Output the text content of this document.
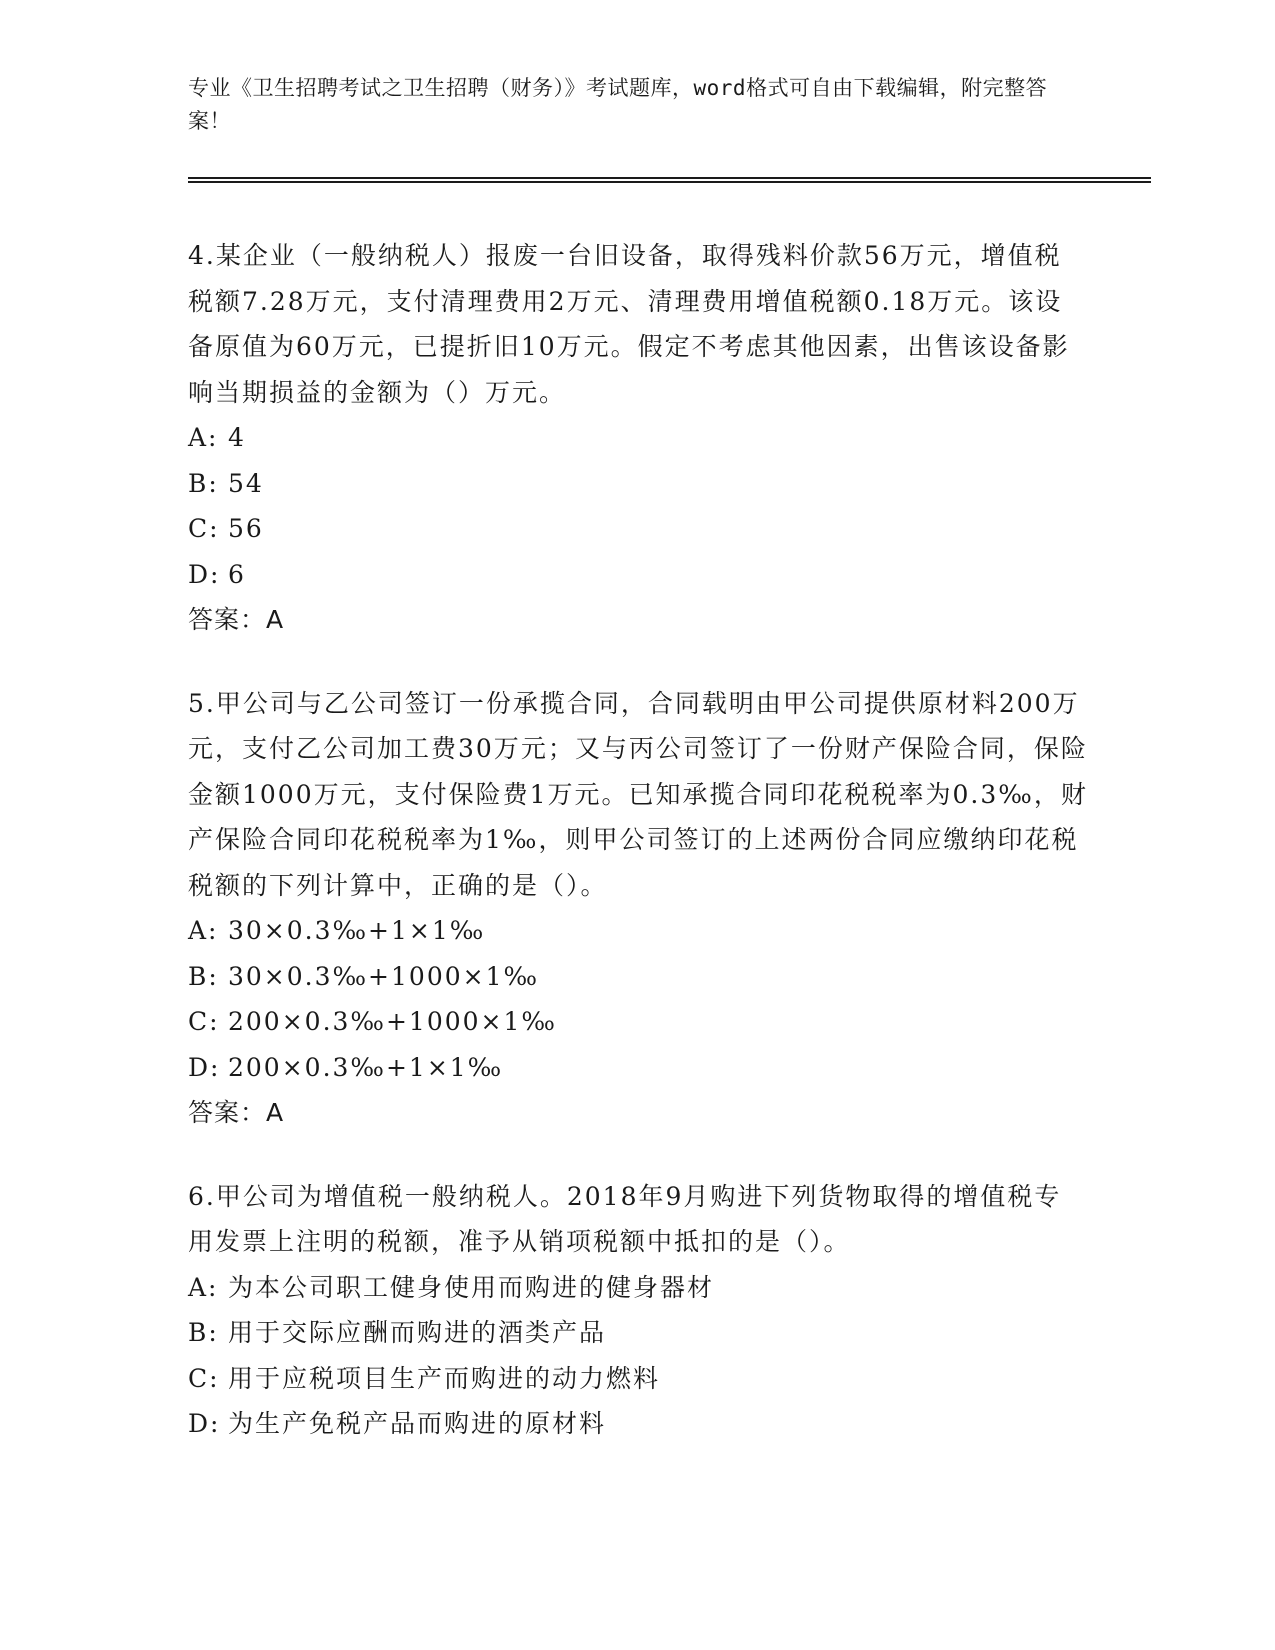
专业《卫生招聘考试之卫生招聘（财务）》考试题库，word格式可自由下载编辑，附完整答案！

4.某企业（一般纳税人）报废一台旧设备，取得残料价款56万元，增值税税额7.28万元，支付清理费用2万元、清理费用增值税额0.18万元。该设备原值为60万元，已提折旧10万元。假定不考虑其他因素，出售该设备影响当期损益的金额为（）万元。

A: 4

B: 54

C: 56

D: 6

答案：A

5.甲公司与乙公司签订一份承揽合同，合同载明由甲公司提供原材料200万元，支付乙公司加工费30万元；又与丙公司签订了一份财产保险合同，保险金额1000万元，支付保险费1万元。已知承揽合同印花税税率为0.3‰，财产保险合同印花税税率为1‰，则甲公司签订的上述两份合同应缴纳印花税税额的下列计算中，正确的是（）。

A: 30×0.3‰+1×1‰

B: 30×0.3‰+1000×1‰

C: 200×0.3‰+1000×1‰

D: 200×0.3‰+1×1‰

答案：A

6.甲公司为增值税一般纳税人。2018年9月购进下列货物取得的增值税专用发票上注明的税额，准予从销项税额中抵扣的是（）。

A: 为本公司职工健身使用而购进的健身器材

B: 用于交际应酬而购进的酒类产品

C: 用于应税项目生产而购进的动力燃料

D: 为生产免税产品而购进的原材料
